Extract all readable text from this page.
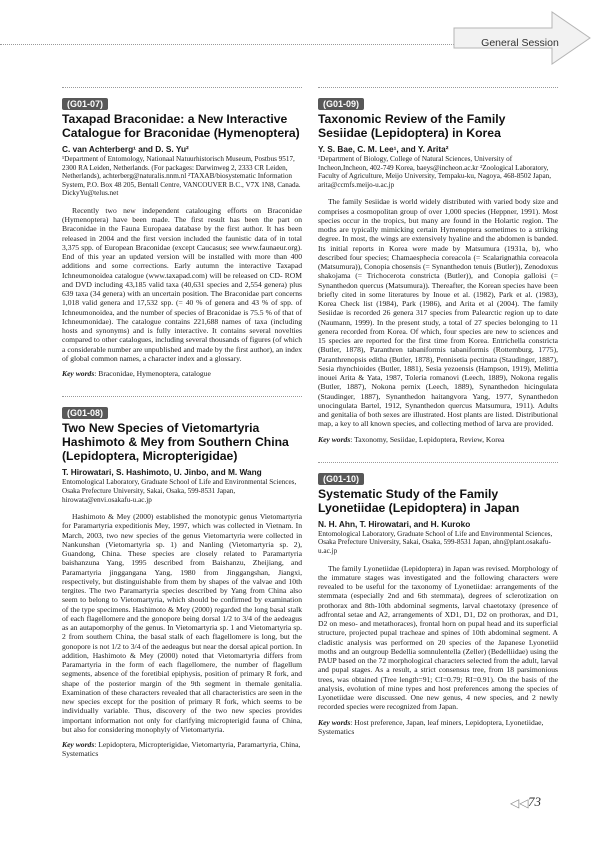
General Session
(G01-07)
Taxapad Braconidae: a New Interactive Catalogue for Braconidae (Hymenoptera)
C. van Achterberg¹ and D. S. Yu²
¹Department of Entomology, Nationaal Natuurhistorisch Museum, Postbus 9517, 2300 RA Leiden, Netherlands. (For packages: Darwinweg 2, 2333 CR Leiden, Netherlands), achterberg@naturalis.nnm.nl ²TAXAB/biosystematic Information System, P.O. Box 48 205, Bentall Centre, VANCOUVER B.C., V7X 1N8, Canada. DickyYu@telus.net
Recently two new independent catalouging efforts on Braconidae (Hymenoptera) have been made. The first result has been the part on Braconidae in the Fauna Europaea database by the first author. It has been released in 2004 and the first version included the faunistic data of in total 3,375 spp. of European Braconidae (except Caucasus; see www.faunaeur.org). End of this year an updated version will be installed with more than 400 additions and some corrections. Early autumn the interactive Taxapad Ichneumonoidea catalogue (www.taxapad.com) will be released on CD- ROM and DVD including 43,185 valid taxa (40,631 species and 2,554 genera) plus 639 taxa (34 genera) with an uncertain position. The Braconidae part concerns 1,018 valid genera and 17,532 spp. (= 40 % of genera and 43 % of spp. of Ichneumonoidea, and the number of species of Braconidae is 75.5 % of that of Ichneumonidae). The catalogue contains 221,688 names of taxa (including hosts and synonyms) and is fully interactive. It contains several novelties compared to other catalogues, including several thousands of figures (of which a considerable number are unpublished and made by the first author), an index of global common names, a character index and a glossary.
Key words: Braconidae, Hymenoptera, catalogue
(G01-08)
Two New Species of Vietomartyria Hashimoto & Mey from Southern China (Lepidoptera, Micropterigidae)
T. Hirowatari, S. Hashimoto, U. Jinbo, and M. Wang
Entomological Laboratory, Graduate School of Life and Environmental Sciences, Osaka Prefecture University, Sakai, Osaka, 599-8531 Japan, hirowata@envi.osakafu-u.ac.jp
Hashimoto & Mey (2000) established the monotypic genus Vietomartyria for Paramartyria expeditionis Mey, 1997, which was collected in Vietnam. In March, 2003, two new species of the genus Vietomartyria were collected in Nankunshan (Vietomartyria sp. 1) and Nanling (Vietomartyria sp. 2), Guandong, China. These species are closely related to Paramartyria baishanzuna Yang, 1995 described from Baishanzu, Zheijiang, and Paramartyria jinggangana Yang, 1980 from Jinggangshan, Jiangxi, respectively, but distinguishable from them by shapes of the valvae and 10th tergites. The two Paramartyria species described by Yang from China also seem to belong to Vietomartyria, which should be confirmed by examination of the type specimens. Hashimoto & Mey (2000) regarded the long basal stalk of each flagellomere and the gonopore being dorsal 1/2 to 3/4 of the aedeagus as an autapomorphy of the genus. In Vietomartyria sp. 1 and Vietomartyria sp. 2 from southern China, the basal stalk of each flagellomere is long, but the gonopore is not 1/2 to 3/4 of the aedeagus but near the dorsal apical portion. In addition, Hashimoto & Mey (2000) noted that Vietomartyria differs from Paramartyria in the form of each flagellomere, the number of flagellum segments, absence of the foretibial epiphysis, position of primary R fork, and shape of the posterior margin of the 9th segment in themale genitalia. Examination of these characters revealed that all characteristics are seen in the new species except for the position of primary R fork, which seems to be individually variable. Thus, discovery of the two new species provides important information not only for clarifying micropterigid fauna of China, but also for considering monophyly of Vietomartyria.
Key words: Lepidoptera, Micropterigidae, Vietomartyria, Paramartyria, China, Systematics
(G01-09)
Taxonomic Review of the Family Sesiidae (Lepidoptera) in Korea
Y. S. Bae, C. M. Lee¹, and Y. Arita²
¹Department of Biology, College of Natural Sciences, University of Incheon,Incheon, 402-749 Korea, baeys@incheon.ac.kr ²Zoological Laboratory, Faculty of Agriculture, Meijo University, Tempaku-ku, Nagoya, 468-8502 Japan, arita@ccmfs.meijo-u.ac.jp
The family Sesiidae is world widely distributed with varied body size and comprises a cosmopolitan group of over 1,000 species (Heppner, 1991). Most species occur in the tropics, but many are found in the Holartic region. The moths are typically mimicking certain Hymenoptera sometimes to a striking degree. In most, the wings are extensively hyaline and the abdomen is banded. Its initial reports in Korea were made by Matsumura (1931a, b), who described four species; Chamaesphecia coreacola (= Scalarignathia coreacola (Matsumura)), Conopia chosensis (= Synanthedon tenuis (Butler)), Zenodoxus shakojama (= Trichocerota constricta (Butler)), and Conopia galloisi (= Synanthedon quercus (Matsumura)). Thereafter, the Korean species have been briefly cited in some literatures by Inoue et al. (1982), Park et al. (1983), Korea Check list (1984), Park (1986), and Arita et al (2004). The family Sesiidae is recorded 26 genera 317 species from Palearctic region up to date (Naumann, 1999). In the present study, a total of 27 species belonging to 11 genera recorded from Korea. Of which, four species are new to sciences and 15 species are reported for the first time from Korea. Entrichella constricta (Butler, 1878), Paranthren tabaniformis tabaniformis (Rottemburg, 1775), Paranthrenopsis editha (Butler, 1878), Pennisetia pectinata (Staudinger, 1887), Sesia rhynchioides (Butler, 1881), Sesia yezoensis (Hampson, 1919), Melittia inouei Arita & Yata, 1987, Toleria romanovi (Leech, 1889), Nokona regalis (Butler, 1887), Nokona pernix (Leech, 1889), Synanthedon hicingulata (Staudinger, 1887), Synanthedon haitangvora Yang, 1977, Synanthedon unocingulata Bartel, 1912, Synanthedon quercus Matsumura, 1911). Adults and genitalia of both sexes are illustrated. Host plants are listed. Distributional map, a key to all known species, and collecting method of larva are provided.
Key words: Taxonomy, Sesiidae, Lepidoptera, Review, Korea
(G01-10)
Systematic Study of the Family Lyonetiidae (Lepidoptera) in Japan
N. H. Ahn, T. Hirowatari, and H. Kuroko
Entomological Laboratory, Graduate School of Life and Environmental Sciences, Osaka Prefecture University, Sakai, Osaka, 599-8531 Japan, ahn@plant.osakafu-u.ac.jp
The family Lyonetiidae (Lepidoptera) in Japan was revised. Morphology of the immature stages was investigated and the following characters were revealed to be useful for the taxonomy of Lyonetiidae: arrangements of the stemmata (especially 2nd and 6th stemmata), degrees of sclerotization on prothorax and 8th-10th abdominal segments, larval chaetotaxy (presence of adfrontal setae and A2, arrangements of XD1, D1, D2 on prothorax, and D1, D2 on meso- and metathoraces), frontal horn on pupal head and its superficial structure, projected pupal tracheae and spines of 10th abdominal segment. A cladistic analysis was performed on 20 species of the Japanese Lyonetiid moths and an outgroup Bedellia somnulentella (Zeller) (Bedelliidae) using the PAUP based on the 72 morphological characters selected from the adult, larval and pupal stages. As a result, a strict consensus tree, from 18 parsimonious trees, was obtained (Tree length=91; CI=0.79; RI=0.91). On the basis of the analysis, evolution of mine types and host preferences among the species of Lyonetiidae were discussed. One new genus, 4 new species, and 2 newly recorded species were recognized from Japan.
Key words: Host preference, Japan, leaf miners, Lepidoptera, Lyonetiidae, Systematics
◁◁ 73
